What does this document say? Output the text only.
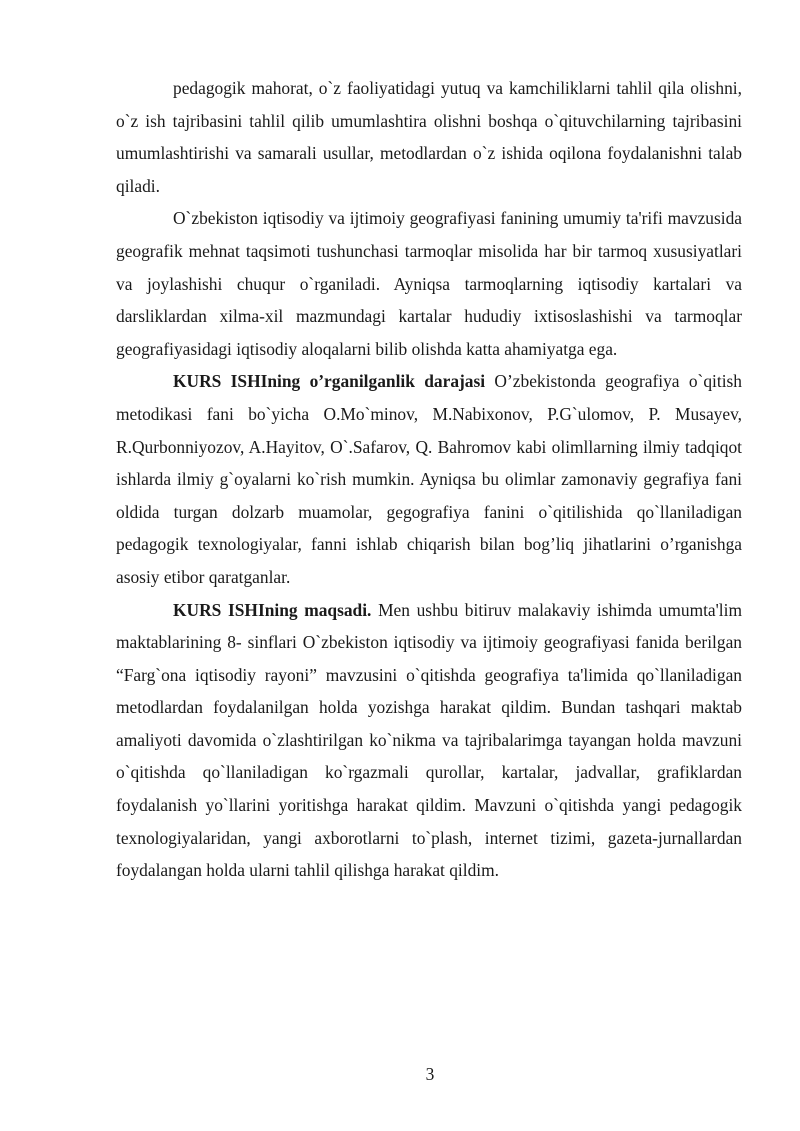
pedagogik mahorat, o`z faoliyatidagi yutuq va kamchiliklarni tahlil qila olishni, o`z ish tajribasini tahlil qilib umumlashtira olishni boshqa o`qituvchilarning tajribasini umumlashtirishi va samarali usullar, metodlardan o`z ishida oqilona foydalanishni talab qiladi.

O`zbekiston iqtisodiy va ijtimoiy geografiyasi fanining umumiy ta'rifi mavzusida geografik mehnat taqsimoti tushunchasi tarmoqlar misolida har bir tarmoq xususiyatlari va joylashishi chuqur o`rganiladi. Ayniqsa tarmoqlarning iqtisodiy kartalari va darsliklardan xilma-xil mazmundagi kartalar hududiy ixtisoslashishi va tarmoqlar geografiyasidagi iqtisodiy aloqalarni bilib olishda katta ahamiyatga ega.

KURS ISHIning o’rganilganlik darajasi O’zbekistonda geografiya o`qitish metodikasi fani bo`yicha O.Mo`minov, M.Nabixonov, P.G`ulomov, P. Musayev, R.Qurbonniyozov, A.Hayitov, O`.Safarov, Q. Bahromov kabi olimllarning ilmiy tadqiqot ishlarda ilmiy g`oyalarni ko`rish mumkin. Ayniqsa bu olimlar zamonaviy gegrafiya fani oldida turgan dolzarb muamolar, gegografiya fanini o`qitilishida qo`llaniladigan pedagogik texnologiyalar, fanni ishlab chiqarish bilan bog’liq jihatlarini o’rganishga asosiy etibor qaratganlar.

KURS ISHIning maqsadi. Men ushbu bitiruv malakaviy ishimda umumta'lim maktablarining 8- sinflari O`zbekiston iqtisodiy va ijtimoiy geografiyasi fanida berilgan “Farg`ona iqtisodiy rayoni” mavzusini o`qitishda geografiya ta'limida qo`llaniladigan metodlardan foydalanilgan holda yozishga harakat qildim. Bundan tashqari maktab amaliyoti davomida o`zlashtirilgan ko`nikma va tajribalarimga tayangan holda mavzuni o`qitishda qo`llaniladigan ko`rgazmali qurollar, kartalar, jadvallar, grafiklardan foydalanish yo`llarini yoritishga harakat qildim. Mavzuni o`qitishda yangi pedagogik texnologiyalaridan, yangi axborotlarni to`plash, internet tizimi, gazeta-jurnallardan foydalangan holda ularni tahlil qilishga harakat qildim.

3
